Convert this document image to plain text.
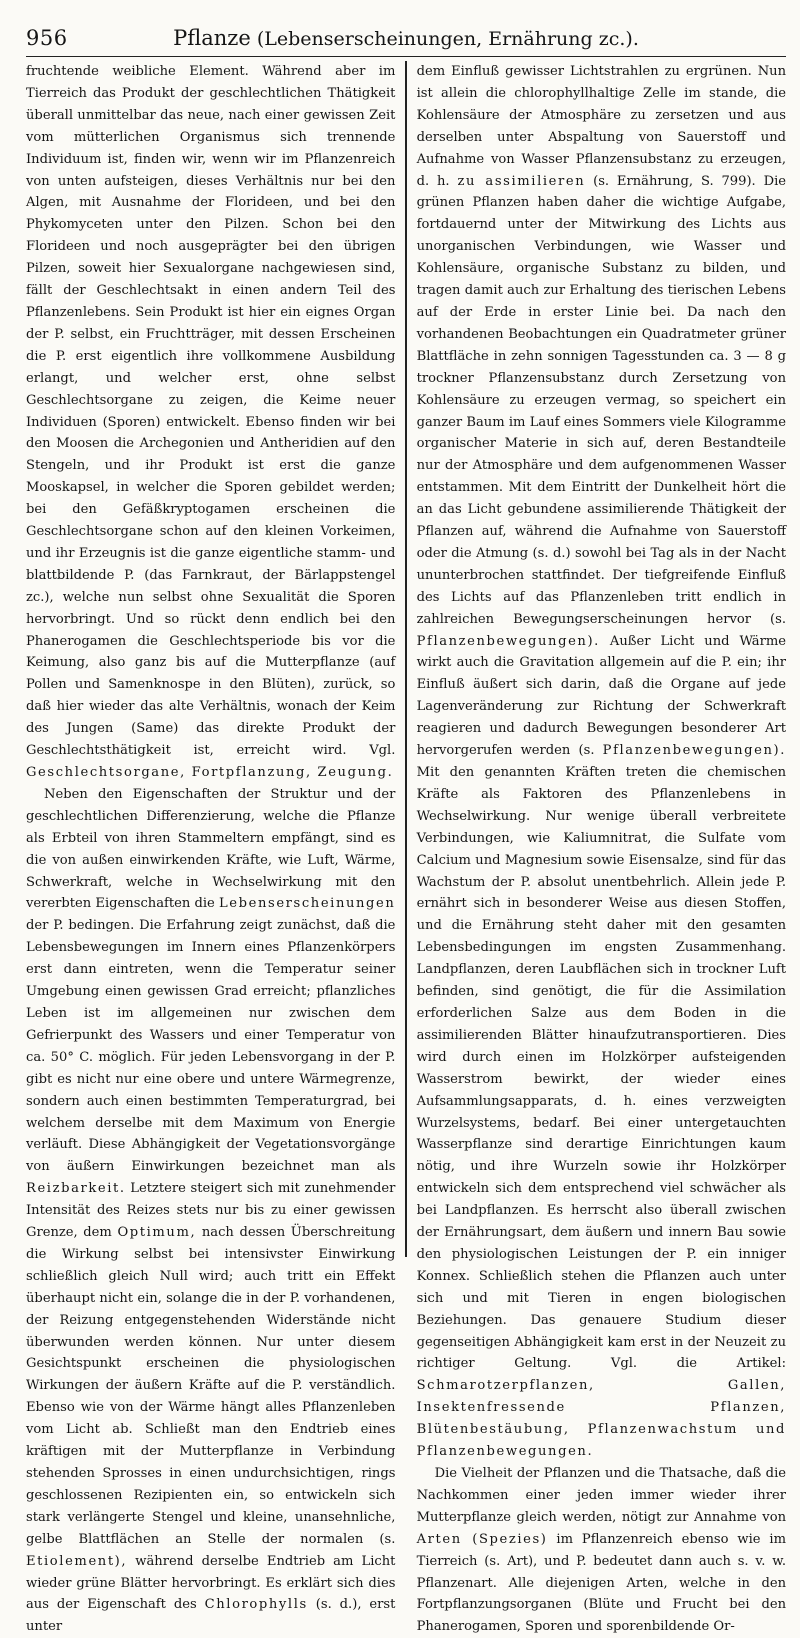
956	Pflanze (Lebenserscheinungen, Ernährung zc.).

fruchtende weibliche Element. Während aber im Tierreich das Produkt der geschlechtlichen Thätigkeit überall unmittelbar das neue, nach einer gewissen Zeit vom mütterlichen Organismus sich trennende Individuum ist, finden wir, wenn wir im Pflanzenreich von unten aufsteigen, dieses Verhältnis nur bei den Algen, mit Ausnahme der Florideen, und bei den Phykomyceten unter den Pilzen. Schon bei den Florideen und noch ausgeprägter bei den übrigen Pilzen, soweit hier Sexualorgane nachgewiesen sind, fällt der Geschlechtsakt in einen andern Teil des Pflanzenlebens. Sein Produkt ist hier ein eignes Organ der P. selbst, ein Fruchtträger, mit dessen Erscheinen die P. erst eigentlich ihre vollkommene Ausbildung erlangt, und welcher erst, ohne selbst Geschlechtsorgane zu zeigen, die Keime neuer Individuen (Sporen) entwickelt. Ebenso finden wir bei den Moosen die Archegonien und Antheridien auf den Stengeln, und ihr Produkt ist erst die ganze Mooskapsel, in welcher die Sporen gebildet werden; bei den Gefäßkryptogamen erscheinen die Geschlechtsorgane schon auf den kleinen Vorkeimen, und ihr Erzeugnis ist die ganze eigentliche stamm- und blattbildende P. (das Farnkraut, der Bärlappstengel zc.), welche nun selbst ohne Sexualität die Sporen hervorbringt. Und so rückt denn endlich bei den Phanerogamen die Geschlechtsperiode bis vor die Keimung, also ganz bis auf die Mutterpflanze (auf Pollen und Samenknospe in den Blüten), zurück, so daß hier wieder das alte Verhältnis, wonach der Keim des Jungen (Same) das direkte Produkt der Geschlechtsthätigkeit ist, erreicht wird. Vgl. Geschlechtsorgane, Fortpflanzung, Zeugung.

Neben den Eigenschaften der Struktur und der geschlechtlichen Differenzierung, welche die Pflanze als Erbteil von ihren Stammeltern empfängt, sind es die von außen einwirkenden Kräfte, wie Luft, Wärme, Schwerkraft, welche in Wechselwirkung mit den vererbten Eigenschaften die Lebenserscheinungen der P. bedingen. Die Erfahrung zeigt zunächst, daß die Lebensbewegungen im Innern eines Pflanzenkörpers erst dann eintreten, wenn die Temperatur seiner Umgebung einen gewissen Grad erreicht; pflanzliches Leben ist im allgemeinen nur zwischen dem Gefrierpunkt des Wassers und einer Temperatur von ca. 50° C. möglich. Für jeden Lebensvorgang in der P. gibt es nicht nur eine obere und untere Wärmegrenze, sondern auch einen bestimmten Temperaturgrad, bei welchem derselbe mit dem Maximum von Energie verläuft. Diese Abhängigkeit der Vegetationsvorgänge von äußern Einwirkungen bezeichnet man als Reizbarkeit. Letztere steigert sich mit zunehmender Intensität des Reizes stets nur bis zu einer gewissen Grenze, dem Optimum, nach dessen Überschreitung die Wirkung selbst bei intensivster Einwirkung schließlich gleich Null wird; auch tritt ein Effekt überhaupt nicht ein, solange die in der P. vorhandenen, der Reizung entgegenstehenden Widerstände nicht überwunden werden können. Nur unter diesem Gesichtspunkt erscheinen die physiologischen Wirkungen der äußern Kräfte auf die P. verständlich. Ebenso wie von der Wärme hängt alles Pflanzenleben vom Licht ab. Schließt man den Endtrieb eines kräftigen mit der Mutterpflanze in Verbindung stehenden Sprosses in einen undurchsichtigen, rings geschlossenen Rezipienten ein, so entwickeln sich stark verlängerte Stengel und kleine, unansehnliche, gelbe Blattflächen an Stelle der normalen (s. Etiolement), während derselbe Endtrieb am Licht wieder grüne Blätter hervorbringt. Es erklärt sich dies aus der Eigenschaft des Chlorophylls (s. d.), erst unter

dem Einfluß gewisser Lichtstrahlen zu ergrünen. Nun ist allein die chlorophyllhaltige Zelle im stande, die Kohlensäure der Atmosphäre zu zersetzen und aus derselben unter Abspaltung von Sauerstoff und Aufnahme von Wasser Pflanzensubstanz zu erzeugen, d. h. zu assimilieren (s. Ernährung, S. 799). Die grünen Pflanzen haben daher die wichtige Aufgabe, fortdauernd unter der Mitwirkung des Lichts aus unorganischen Verbindungen, wie Wasser und Kohlensäure, organische Substanz zu bilden, und tragen damit auch zur Erhaltung des tierischen Lebens auf der Erde in erster Linie bei. Da nach den vorhandenen Beobachtungen ein Quadratmeter grüner Blattfläche in zehn sonnigen Tagesstunden ca. 3 — 8 g trockner Pflanzensubstanz durch Zersetzung von Kohlensäure zu erzeugen vermag, so speichert ein ganzer Baum im Lauf eines Sommers viele Kilogramme organischer Materie in sich auf, deren Bestandteile nur der Atmosphäre und dem aufgenommenen Wasser entstammen. Mit dem Eintritt der Dunkelheit hört die an das Licht gebundene assimilierende Thätigkeit der Pflanzen auf, während die Aufnahme von Sauerstoff oder die Atmung (s. d.) sowohl bei Tag als in der Nacht ununterbrochen stattfindet. Der tiefgreifende Einfluß des Lichts auf das Pflanzenleben tritt endlich in zahlreichen Bewegungserscheinungen hervor (s. Pflanzenbewegungen). Außer Licht und Wärme wirkt auch die Gravitation allgemein auf die P. ein; ihr Einfluß äußert sich darin, daß die Organe auf jede Lagenveränderung zur Richtung der Schwerkraft reagieren und dadurch Bewegungen besonderer Art hervorgerufen werden (s. Pflanzenbewegungen). Mit den genannten Kräften treten die chemischen Kräfte als Faktoren des Pflanzenlebens in Wechselwirkung. Nur wenige überall verbreitete Verbindungen, wie Kaliumnitrat, die Sulfate vom Calcium und Magnesium sowie Eisensalze, sind für das Wachstum der P. absolut unentbehrlich. Allein jede P. ernährt sich in besonderer Weise aus diesen Stoffen, und die Ernährung steht daher mit den gesamten Lebensbedingungen im engsten Zusammenhang. Landpflanzen, deren Laubflächen sich in trockner Luft befinden, sind genötigt, die für die Assimilation erforderlichen Salze aus dem Boden in die assimilierenden Blätter hinaufzutransportieren. Dies wird durch einen im Holzkörper aufsteigenden Wasserstrom bewirkt, der wieder eines Aufsammlungsapparats, d. h. eines verzweigten Wurzelsystems, bedarf. Bei einer untergetauchten Wasserpflanze sind derartige Einrichtungen kaum nötig, und ihre Wurzeln sowie ihr Holzkörper entwickeln sich dem entsprechend viel schwächer als bei Landpflanzen. Es herrscht also überall zwischen der Ernährungsart, dem äußern und innern Bau sowie den physiologischen Leistungen der P. ein inniger Konnex. Schließlich stehen die Pflanzen auch unter sich und mit Tieren in engen biologischen Beziehungen. Das genauere Studium dieser gegenseitigen Abhängigkeit kam erst in der Neuzeit zu richtiger Geltung. Vgl. die Artikel: Schmarotzerpflanzen, Gallen, Insektenfressende Pflanzen, Blütenbestäubung, Pflanzenwachstum und Pflanzenbewegungen.

Die Vielheit der Pflanzen und die Thatsache, daß die Nachkommen einer jeden immer wieder ihrer Mutterpflanze gleich werden, nötigt zur Annahme von Arten (Spezies) im Pflanzenreich ebenso wie im Tierreich (s. Art), und P. bedeutet dann auch s. v. w. Pflanzenart. Alle diejenigen Arten, welche in den Fortpflanzungsorganen (Blüte und Frucht bei den Phanerogamen, Sporen und sporenbildende Or-
